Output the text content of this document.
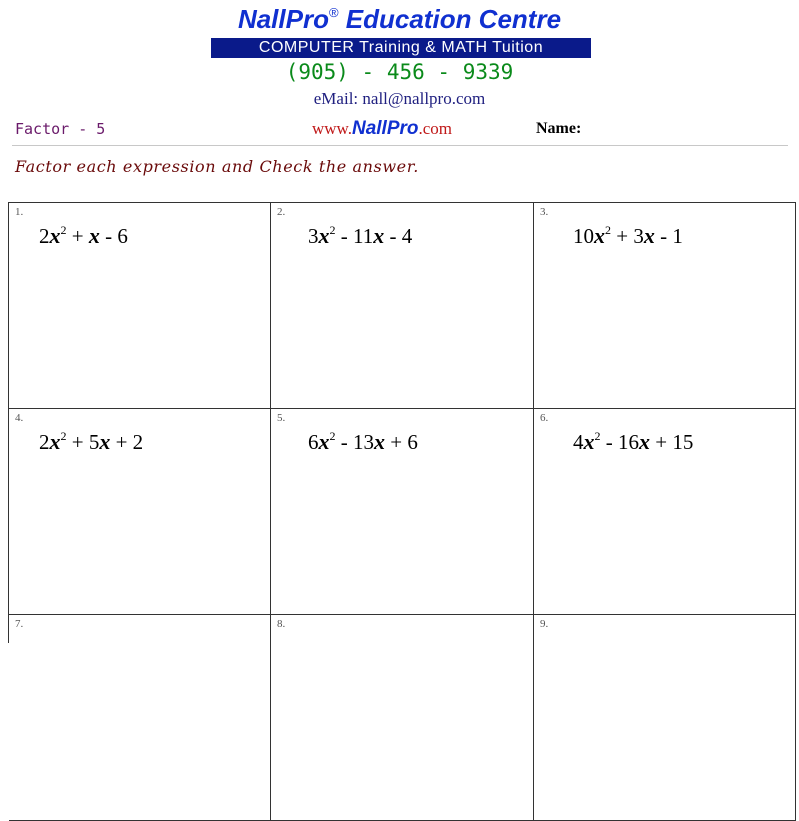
NallPro® Education Centre
COMPUTER Training & MATH Tuition
(905) - 456 - 9339
eMail: nall@nallpro.com
Factor - 5	www.NallPro.com	Name:
Factor each expression and Check the answer.
1.
$2x^2 + x - 6$
2.
$3x^2 - 11x - 4$
3.
$10x^2 + 3x - 1$
4.
$2x^2 + 5x + 2$
5.
$6x^2 - 13x + 6$
6.
$4x^2 - 16x + 15$
7.	8.	9.
